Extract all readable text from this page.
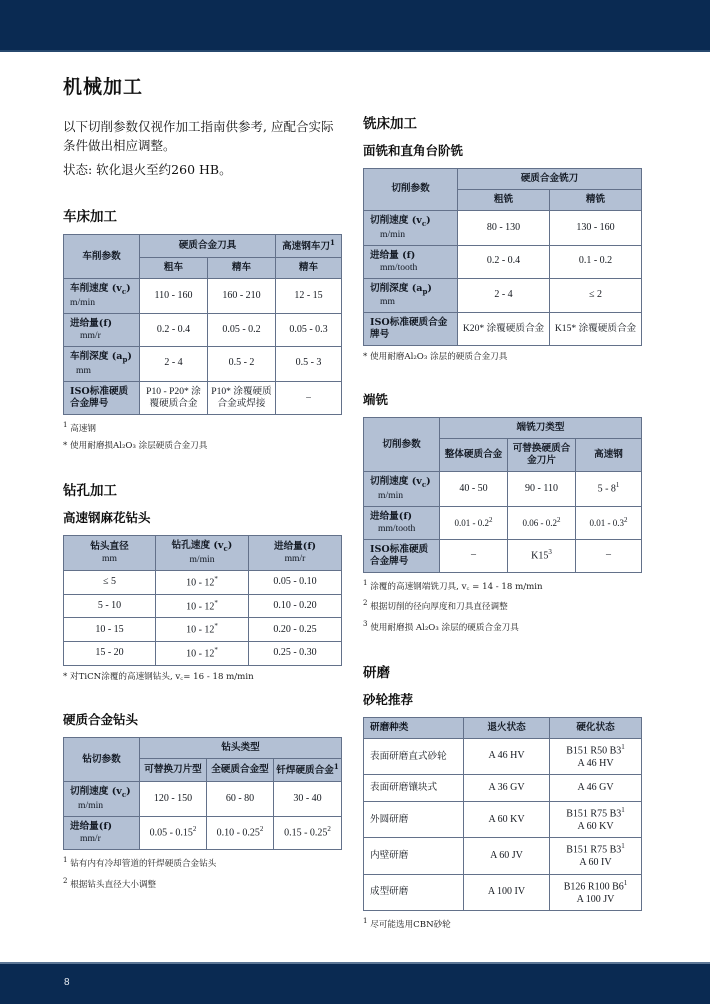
机械加工

以下切削参数仅视作加工指南供参考, 应配合实际条件做出相应调整。

状态: 软化退火至约260 HB。

车床加工
车削参数	硬质合金刀具		高速钢车刀$^1$
	粗车	精车	精车
车削速度 $(v_c)$
m/min	110 - 160	160 - 210	12 - 15
进给量(f)
mm/r	0.2 - 0.4	0.05 - 0.2	0.05 - 0.3
车削深度 $(a_p)$
mm	2 - 4	0.5 - 2	0.5 - 3
ISO标准硬质合金牌号	P10 - P20* 涂覆硬质合金	P10* 涂覆硬质合金或焊接	–

$^1$ 高速钢

* 使用耐磨损Al₂O₃ 涂层硬质合金刀具

钻孔加工
高速钢麻花钻头
钻头直径
mm	钻孔速度 $(v_c)$
m/min	进给量(f)
mm/r
≤ 5	10 - 12*	0.05 - 0.10
5 - 10	10 - 12*	0.10 - 0.20
10 - 15	10 - 12*	0.20 - 0.25
15 - 20	10 - 12*	0.25 - 0.30

* 对TiCN涂覆的高速钢钻头, v꜀= 16 - 18 m/min

硬质合金钻头
钻切参数	钻头类型		
	可替换刀片型	全硬质合金型	钎焊硬质合金$^1$
切削速度 $(v_c)$
m/min	120 - 150	60 - 80	30 - 40
进给量(f)
mm/r	0.05 - 0.15$^2$	0.10 - 0.25$^2$	0.15 - 0.25$^2$

$^1$ 钻有内有冷却管道的钎焊硬质合金钻头

$^2$ 根据钻头直径大小调整

铣床加工
面铣和直角台阶铣
切削参数	硬质合金铣刀	
	粗铣	精铣
切削速度 $(v_c)$
m/min	80 - 130	130 - 160
进给量 (f)
mm/tooth	0.2 - 0.4	0.1 - 0.2
切削深度 $(a_p)$
mm	2 - 4	≤ 2
ISO标准硬质合金牌号	K20* 涂覆硬质合金	K15* 涂覆硬质合金

* 使用耐磨Al₂O₃ 涂层的硬质合金刀具

端铣
切削参数	端铣刀类型		
	整体硬质合金	可替换硬质合金刀片	高速钢
切削速度 $(v_c)$
m/min	40 - 50	90 - 110	$5 - 8^1$
进给量(f)
mm/tooth	$0.01 - 0.2^2$	$0.06 - 0.2^2$	$0.01 - 0.3^2$
ISO标准硬质合金牌号	–	$K15^3$	–

$^1$ 涂覆的高速钢端铣刀具, v꜀ = 14 - 18 m/min

$^2$ 根据切削的径向厚度和刀具直径调整

$^3$ 使用耐磨损 Al₂O₃ 涂层的硬质合金刀具

研磨
砂轮推荐
研磨种类	退火状态	硬化状态
表面研磨直式砂轮	A 46 HV	B151 R50 $B3^1$
A 46 HV
表面研磨镶块式	A 36 GV	A 46 GV
外圆研磨	A 60 KV	B151 R75 $B3^1$
A 60 KV
内壁研磨	A 60 JV	B151 R75 $B3^1$
A 60 IV
成型研磨	A 100 IV	B126 R100 $B6^1$
A 100 JV

$^1$ 尽可能选用CBN砂轮

8
